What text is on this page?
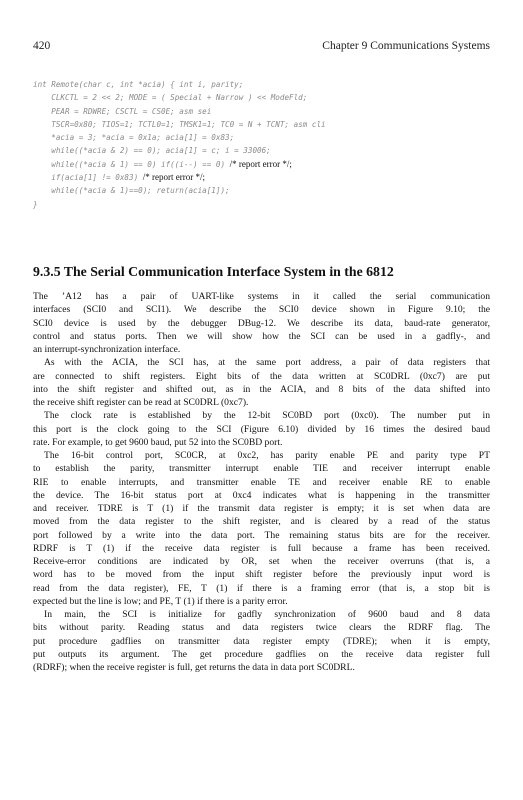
420	Chapter 9 Communications Systems
int Remote(char c, int *acia) { int i, parity;
CLKCTL = 2 << 2; MODE = ( Special + Narrow ) << ModeFld;
PEAR = RDWRE; CSCTL = CS0E; asm sei
TSCR=0x80; TIOS=1; TCTL0=1; TMSK1=1; TC0 = N + TCNT; asm cli
*acia = 3; *acia = 0x1a; acia[1] = 0x83;
while((*acia & 2) == 0); acia[1] = c; i = 33006;
while((*acia & 1) == 0) if((i--) == 0) /* report error */;
if(acia[1] != 0x83) /* report error */;
while((*acia & 1)==0); return(acia[1]);
}
9.3.5 The Serial Communication Interface System in the 6812
The ’A12 has a pair of UART-like systems in it called the serial communication
interfaces (SCI0 and SCI1). We describe the SCI0 device shown in Figure 9.10; the
SCI0 device is used by the debugger DBug-12. We describe its data, baud-rate generator,
control and status ports. Then we will show how the SCI can be used in a gadfly-, and
an interrupt-synchronization interface.
As with the ACIA, the SCI has, at the same port address, a pair of data registers that
are connected to shift registers. Eight bits of the data written at SC0DRL (0xc7) are put
into the shift register and shifted out, as in the ACIA, and 8 bits of the data shifted into
the receive shift register can be read at SC0DRL (0xc7).
The clock rate is established by the 12-bit SC0BD port (0xc0). The number put in
this port is the clock going to the SCI (Figure 6.10) divided by 16 times the desired baud
rate. For example, to get 9600 baud, put 52 into the SC0BD port.
The 16-bit control port, SC0CR, at 0xc2, has parity enable PE and parity type PT
to establish the parity, transmitter interrupt enable TIE and receiver interrupt enable
RIE to enable interrupts, and transmitter enable TE and receiver enable RE to enable
the device. The 16-bit status port at 0xc4 indicates what is happening in the transmitter
and receiver. TDRE is T (1) if the transmit data register is empty; it is set when data are
moved from the data register to the shift register, and is cleared by a read of the status
port followed by a write into the data port. The remaining status bits are for the receiver.
RDRF is T (1) if the receive data register is full because a frame has been received.
Receive-error conditions are indicated by OR, set when the receiver overruns (that is, a
word has to be moved from the input shift register before the previously input word is
read from the data register), FE, T (1) if there is a framing error (that is, a stop bit is
expected but the line is low; and PE, T (1) if there is a parity error.
In main, the SCI is initialize for gadfly synchronization of 9600 baud and 8 data
bits without parity. Reading status and data registers twice clears the RDRF flag. The
put procedure gadflies on transmitter data register empty (TDRE); when it is empty,
put outputs its argument. The get procedure gadflies on the receive data register full
(RDRF); when the receive register is full, get returns the data in data port SC0DRL.
